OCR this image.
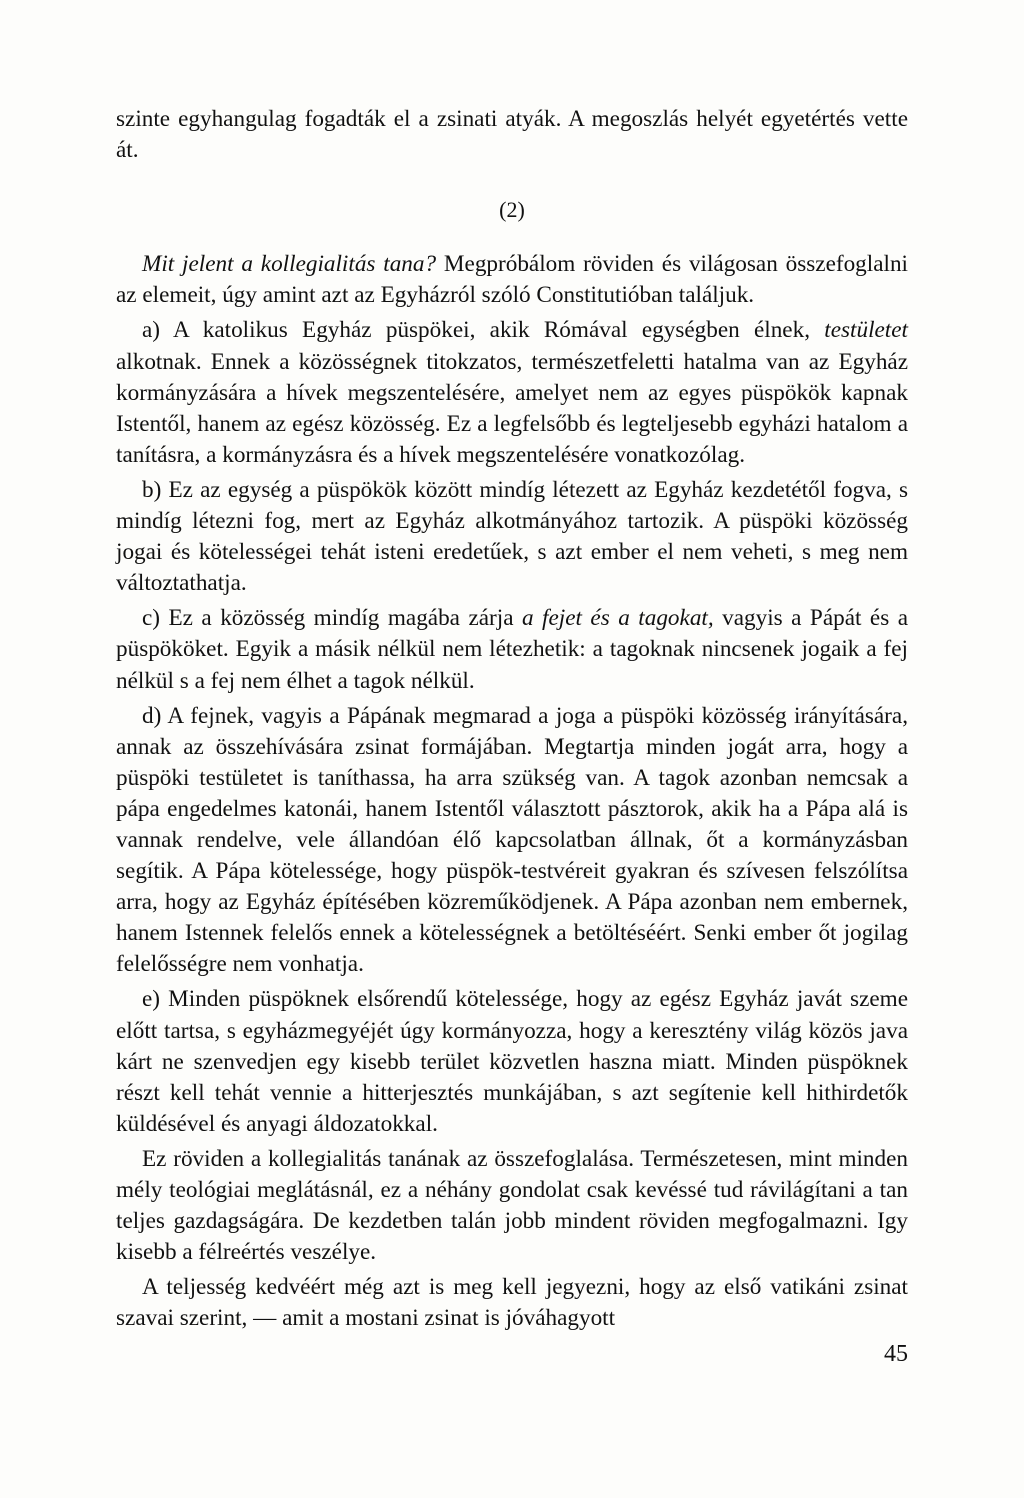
szinte egyhangulag fogadták el a zsinati atyák. A megoszlás helyét egyetértés vette át.

(2)

Mit jelent a kollegialitás tana? Megpróbálom röviden és világosan összefoglalni az elemeit, úgy amint azt az Egyházról szóló Constitutióban találjuk.

a) A katolikus Egyház püspökei, akik Rómával egységben élnek, testületet alkotnak. Ennek a közösségnek titokzatos, természetfeletti hatalma van az Egyház kormányzására a hívek megszentelésére, amelyet nem az egyes püspökök kapnak Istentől, hanem az egész közösség. Ez a legfelsőbb és legteljesebb egyházi hatalom a tanításra, a kormányzásra és a hívek megszentelésére vonatkozólag.

b) Ez az egység a püspökök között mindíg létezett az Egyház kezdetétől fogva, s mindíg létezni fog, mert az Egyház alkotmányához tartozik. A püspöki közösség jogai és kötelességei tehát isteni eredetűek, s azt ember el nem veheti, s meg nem változtathatja.

c) Ez a közösség mindíg magába zárja a fejet és a tagokat, vagyis a Pápát és a püspököket. Egyik a másik nélkül nem létezhetik: a tagoknak nincsenek jogaik a fej nélkül s a fej nem élhet a tagok nélkül.

d) A fejnek, vagyis a Pápának megmarad a joga a püspöki közösség irányítására, annak az összehívására zsinat formájában. Megtartja minden jogát arra, hogy a püspöki testületet is taníthassa, ha arra szükség van. A tagok azonban nemcsak a pápa engedelmes katonái, hanem Istentől választott pásztorok, akik ha a Pápa alá is vannak rendelve, vele állandóan élő kapcsolatban állnak, őt a kormányzásban segítik. A Pápa kötelessége, hogy püspök-testvéreit gyakran és szívesen felszólítsa arra, hogy az Egyház építésében közreműködjenek. A Pápa azonban nem embernek, hanem Istennek felelős ennek a kötelességnek a betöltéséért. Senki ember őt jogilag felelősségre nem vonhatja.

e) Minden püspöknek elsőrendű kötelessége, hogy az egész Egyház javát szeme előtt tartsa, s egyházmegyéjét úgy kormányozza, hogy a keresztény világ közös java kárt ne szenvedjen egy kisebb terület közvetlen haszna miatt. Minden püspöknek részt kell tehát vennie a hitterjesztés munkájában, s azt segítenie kell hithirdetők küldésével és anyagi áldozatokkal.

Ez röviden a kollegialitás tanának az összefoglalása. Természetesen, mint minden mély teológiai meglátásnál, ez a néhány gondolat csak kevéssé tud rávilágítani a tan teljes gazdagságára. De kezdetben talán jobb mindent röviden megfogalmazni. Igy kisebb a félreértés veszélye.

A teljesség kedvéért még azt is meg kell jegyezni, hogy az első vatikáni zsinat szavai szerint, — amit a mostani zsinat is jóváhagyott

45
